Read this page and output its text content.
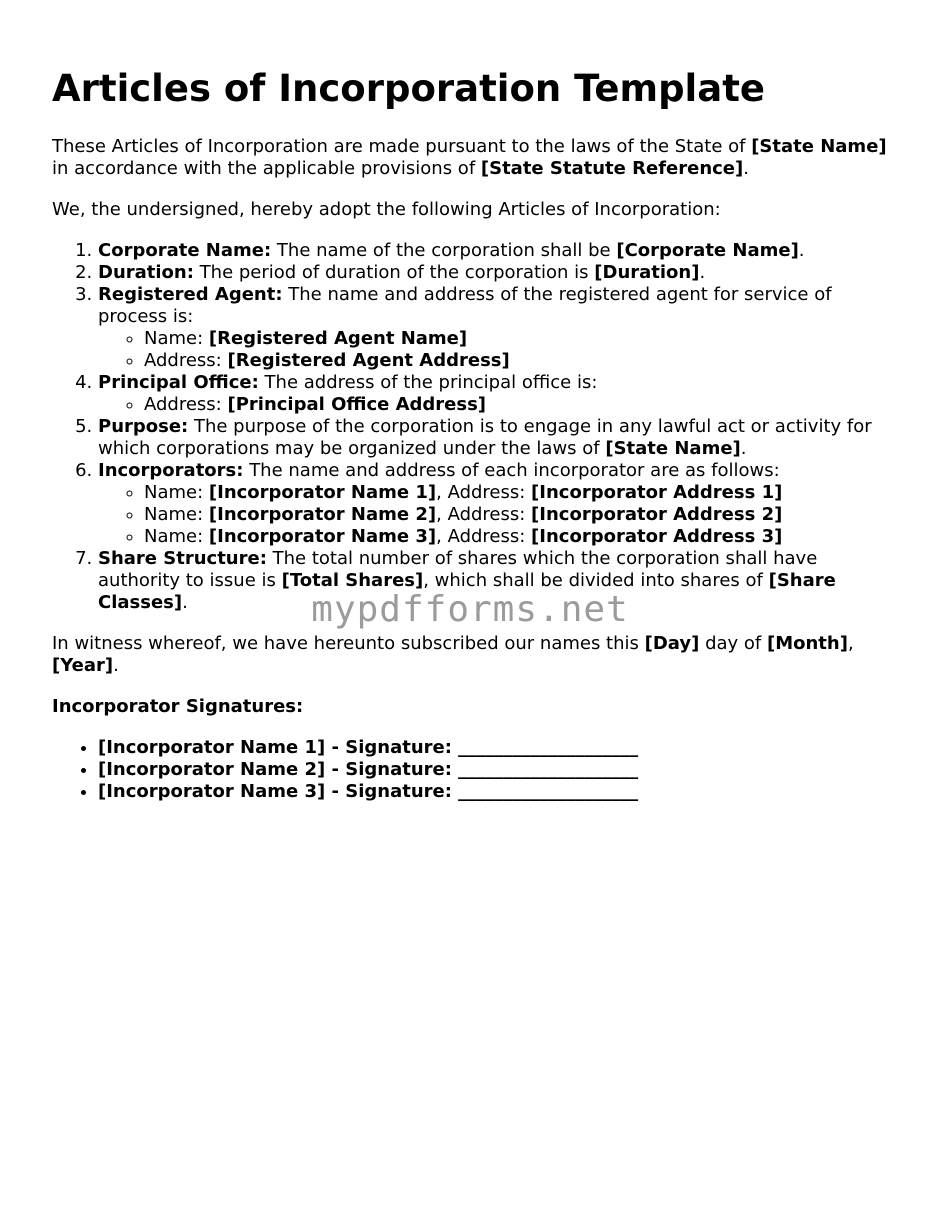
Articles of Incorporation Template

These Articles of Incorporation are made pursuant to the laws of the State of [State Name] in accordance with the applicable provisions of [State Statute Reference].

We, the undersigned, hereby adopt the following Articles of Incorporation:

1. Corporate Name: The name of the corporation shall be [Corporate Name].
2. Duration: The period of duration of the corporation is [Duration].
3. Registered Agent: The name and address of the registered agent for service of process is:
◦ Name: [Registered Agent Name]
◦ Address: [Registered Agent Address]
4. Principal Office: The address of the principal office is:
◦ Address: [Principal Office Address]
5. Purpose: The purpose of the corporation is to engage in any lawful act or activity for which corporations may be organized under the laws of [State Name].
6. Incorporators: The name and address of each incorporator are as follows:
◦ Name: [Incorporator Name 1], Address: [Incorporator Address 1]
◦ Name: [Incorporator Name 2], Address: [Incorporator Address 2]
◦ Name: [Incorporator Name 3], Address: [Incorporator Address 3]
7. Share Structure: The total number of shares which the corporation shall have authority to issue is [Total Shares], which shall be divided into shares of [Share Classes].

In witness whereof, we have hereunto subscribed our names this [Day] day of [Month], [Year].

Incorporator Signatures:

• [Incorporator Name 1] - Signature: ____________________
• [Incorporator Name 2] - Signature: ____________________
• [Incorporator Name 3] - Signature: ____________________
mypdfforms.net
